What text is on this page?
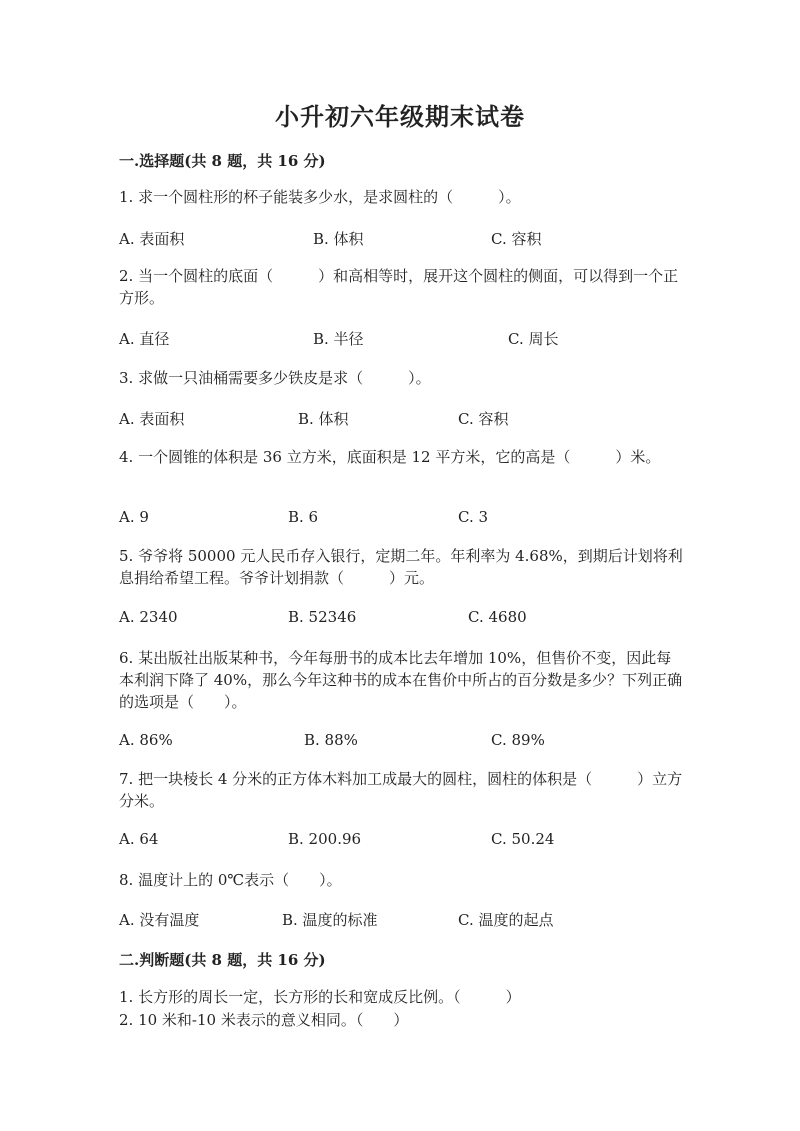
小升初六年级期末试卷
一.选择题(共 8 题，共 16 分)
1. 求一个圆柱形的杯子能装多少水，是求圆柱的（　　　）。
A. 表面积	B. 体积	C. 容积
2. 当一个圆柱的底面（　　　）和高相等时，展开这个圆柱的侧面，可以得到一个正方形。
A. 直径	B. 半径	C. 周长
3. 求做一只油桶需要多少铁皮是求（　　　）。
A. 表面积	B. 体积	C. 容积
4. 一个圆锥的体积是 36 立方米，底面积是 12 平方米，它的高是（　　　）米。
A. 9	B. 6	C. 3
5. 爷爷将 50000 元人民币存入银行，定期二年。年利率为 4.68%，到期后计划将利息捐给希望工程。爷爷计划捐款（　　　）元。
A. 2340	B. 52346	C. 4680
6. 某出版社出版某种书，今年每册书的成本比去年增加 10%，但售价不变，因此每本利润下降了 40%，那么今年这种书的成本在售价中所占的百分数是多少？下列正确的选项是（　　）。
A. 86%	B. 88%	C. 89%
7. 把一块棱长 4 分米的正方体木料加工成最大的圆柱，圆柱的体积是（　　　）立方分米。
A. 64	B. 200.96	C. 50.24
8. 温度计上的 0℃表示（　　）。
A. 没有温度	B. 温度的标准	C. 温度的起点
二.判断题(共 8 题，共 16 分)
1. 长方形的周长一定，长方形的长和宽成反比例。（　　　）
2. 10 米和-10 米表示的意义相同。（　　）
